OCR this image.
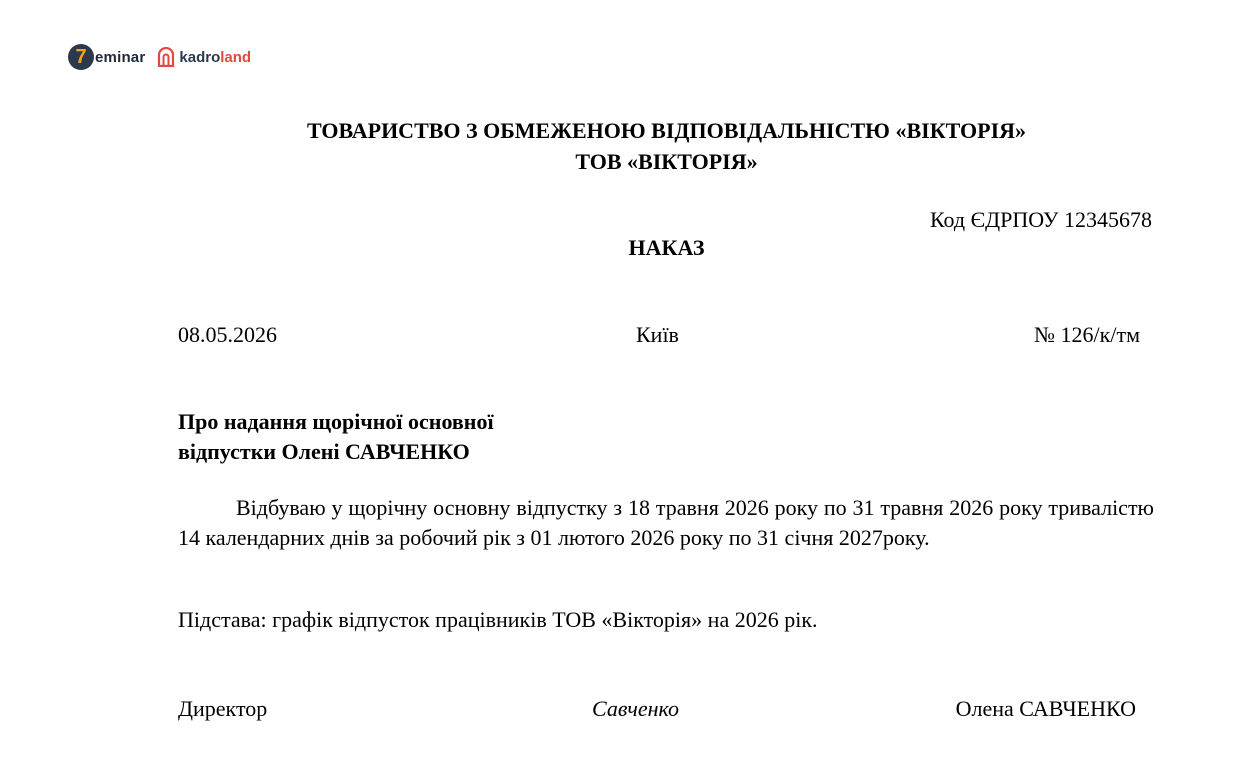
7 eminar kadroland
ТОВАРИСТВО З ОБМЕЖЕНОЮ ВІДПОВІДАЛЬНІСТЮ «ВІКТОРІЯ»
ТОВ «ВІКТОРІЯ»
Код ЄДРПОУ 12345678
НАКАЗ
08.05.2026	Київ	№ 126/к/тм
Про надання щорічної основної
відпустки Олені САВЧЕНКО
Відбуваю у щорічну основну відпустку з 18 травня 2026 року по 31 травня 2026 року тривалістю 14 календарних днів за робочий рік з 01 лютого 2026 року по 31 січня 2027року.
Підстава: графік відпусток працівників ТОВ «Вікторія» на 2026 рік.
Директор	Савченко	Олена САВЧЕНКО
